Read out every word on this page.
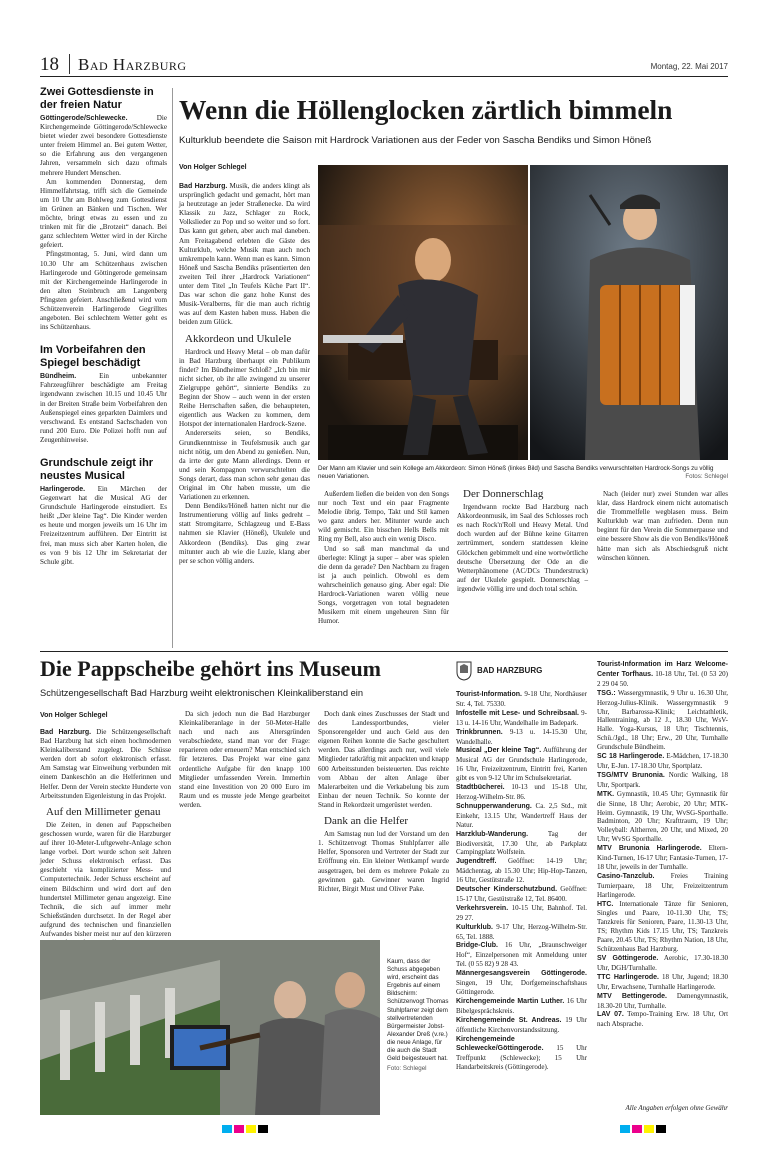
18 Bad Harzburg	Montag, 22. Mai 2017
Zwei Gottesdienste in der freien Natur

Göttingerode/Schlewecke.	Die Kirchengemeinde Göttingerode/Schlewecke bietet wieder zwei besondere Gottesdienste unter freiem Himmel an. Bei gutem Wetter, so die Erfahrung aus den vergangenen Jahren, versammeln sich dazu oftmals mehrere Hundert Menschen.

Am kommenden Donnerstag, dem Himmelfahrtstag, trifft sich die Gemeinde um 10 Uhr am Bohlweg zum Gottesdienst im Grünen an Bänken und Tischen. Wer möchte, bringt etwas zu essen und zu trinken mit für die „Brotzeit“ danach. Bei ganz schlechtem Wetter wird in der Kirche gefeiert.

Pfingstmontag, 5. Juni, wird dann um 10.30 Uhr am Schützenhaus zwischen Harlingerode und Göttingerode gemeinsam mit der Kirchengemeinde Harlingerode in den alten Steinbruch am Langenberg Pfingsten gefeiert. Anschließend wird vom Schützenverein Harlingerode Gegrilltes angeboten. Bei schlechtem Wetter geht es ins Schützenhaus.

Im Vorbeifahren den Spiegel beschädigt

Bündheim.	Ein unbekannter Fahrzeugführer beschädigte am Freitag irgendwann zwischen 10.15 und 10.45 Uhr in der Breiten Straße beim Vorbeifahren den Außenspiegel eines geparkten Daimlers und verschwand. Es entstand Sachschaden von rund 200 Euro. Die Polizei hofft nun auf Zeugenhinweise.

Grundschule zeigt ihr neustes Musical

Harlingerode. Ein Märchen der Gegenwart hat die Musical AG der Grundschule Harlingerode einstudiert. Es heißt „Der kleine Tag“. Die Kinder werden es heute und morgen jeweils um 16 Uhr im Freizeitzentrum aufführen. Der Eintritt ist frei, man muss sich aber Karten holen, die es von 9 bis 12 Uhr im Sekretariat der Schule gibt.

Wenn die Höllenglocken zärtlich bimmeln
Kulturklub beendete die Saison mit Hardrock Variationen aus der Feder von Sascha Bendiks und Simon Höneß
Von Holger Schlegel

Bad Harzburg. Musik, die anders klingt als ursprünglich gedacht und gemacht, hört man ja heutzutage an jeder Straßenecke. Da wird Klassik zu Jazz, Schlager zu Rock, Volkslieder zu Pop und so weiter und so fort. Das kann gut gehen, aber auch mal daneben. Am Freitagabend erlebten die Gäste des Kulturklub, welche Musik man auch noch umkrempeln kann. Wenn man es kann. Simon Höneß und Sascha Bendiks präsentierten den zweiten Teil ihrer „Hardrock Variationen“ unter dem Titel „In Teufels Küche Part II“. Das war schon die ganz hohe Kunst des Musik-Veralberns, für die man auch richtig was auf dem Kasten haben muss. Haben die beiden zum Glück.

Akkordeon und Ukulele

Hardrock und Heavy Metal – ob man dafür in Bad Harzburg überhaupt ein Publikum findet? Im Bündheimer Schloß? „Ich bin mir nicht sicher, ob ihr alle zwingend zu unserer Zielgruppe gehört“, sinnierte Bendiks zu Beginn der Show – auch wenn in der ersten Reihe Herrschaften saßen, die behaupteten, eigentlich aus Wacken zu kommen, dem Hotspot der internationalen Hardrock-Szene.

Andererseits seien, so Bendiks, Grundkenntnisse in Teufelsmusik auch gar nicht nötig, um den Abend zu genießen. Nun, da irrte der gute Mann allerdings. Denn er und sein Kompagnon verwurschtelten die Songs derart, dass man schon sehr genau das Original im Ohr haben musste, um die Variationen zu erkennen.

Denn Bendiks/Höneß hatten nicht nur die Instrumentierung völlig auf links gedreht – statt Stromgitarre, Schlagzeug und E-Bass nahmen sie Klavier (Höneß), Ukulele und Akkordeon (Bendiks). Das ging zwar mitunter auch ab wie die Luzie, klang aber per se schon völlig anders.

Der Mann am Klavier und sein Kollege am Akkordeon: Simon Höneß (linkes Bild) und Sascha Bendiks verwurschtelten Hardrock-Songs zu völlig neuen Variationen.	Fotos: Schlegel

Außerdem ließen die beiden von den Songs nur noch Text und ein paar Fragmente Melodie übrig. Tempo, Takt und Stil kamen wo ganz anders her. Mitunter wurde auch wild gemischt. Ein bisschen Hells Bells mit Ring my Bell, also auch ein wenig Disco.

Und so saß man manchmal da und überlegte: Klingt ja super – aber was spielen die denn da gerade? Den Nachbarn zu fragen ist ja auch peinlich. Obwohl es dem wahrscheinlich genauso ging. Aber egal: Die Hardrock-Variationen waren völlig neue Songs, vorgetragen von total begnadeten Musikern mit einem ungeheuren Sinn für Humor.

Der Donnerschlag

Irgendwann rockte Bad Harzburg nach Akkordeonmusik, im Saal des Schlosses roch es nach Rock'n'Roll und Heavy Metal. Und doch wurden auf der Bühne keine Gitarren zertrümmert, sondern stattdessen kleine Glöckchen gebimmelt und eine wortwörtliche deutsche Übersetzung der Ode an die Wetterphänomene (AC/DCs Thunderstruck) auf der Ukulele gespielt. Donnerschlag – irgendwie völlig irre und doch total schön.

Nach (leider nur) zwei Stunden war alles klar, dass Hardrock einem nicht automatisch die Trommelfelle wegblasen muss. Beim Kulturklub war man zufrieden. Denn nun beginnt für den Verein die Sommerpause und eine bessere Show als die von Bendiks/Höneß hätte man sich als Abschiedsgruß nicht wünschen können.

Die Pappscheibe gehört ins Museum
Schützengesellschaft Bad Harzburg weiht elektronischen Kleinkaliberstand ein
Von Holger Schlegel

Bad Harzburg. Die Schützengesellschaft Bad Harzburg hat sich einen hochmodernen Kleinkaliberstand zugelegt. Die Schüsse werden dort ab sofort elektronisch erfasst. Am Samstag war Einweihung verbunden mit einem Dankeschön an die Helferinnen und Helfer. Denn der Verein steckte Hunderte von Arbeitsstunden Eigenleistung in das Projekt.

Auf den Millimeter genau

Die Zeiten, in denen auf Pappscheiben geschossen wurde, waren für die Harzburger auf ihrer 10-Meter-Luftgewehr-Anlage schon lange vorbei. Dort wurde schon seit Jahren jeder Schuss elektronisch erfasst. Das geschieht via komplizierter Mess- und Computertechnik. Jeder Schuss erscheint auf einem Bildschirm und wird dort auf den hundertstel Millimeter genau angezeigt. Eine Technik, die sich auf immer mehr Schießständen durchsetzt. In der Regel aber aufgrund des technischen und finanziellen Aufwandes bisher meist nur auf den kürzeren

Da sich jedoch nun die Bad Harzburger Kleinkaliberanlage in der 50-Meter-Halle nach und nach aus Altersgründen verabschiedete, stand man vor der Frage: reparieren oder erneuern? Man entschied sich für letzteres. Das Projekt war eine ganz ordentliche Aufgabe für den knapp 100 Mitglieder umfassenden Verein. Immerhin stand eine Investition von 20 000 Euro im Raum und es musste jede Menge gearbeitet werden.

Doch dank eines Zuschusses der Stadt und des Landessportbundes, vieler Sponsorengelder und auch Geld aus den eigenen Reihen konnte die Sache geschultert werden. Das allerdings auch nur, weil viele Mitglieder tatkräftig mit anpackten und knapp 600 Arbeitsstunden beisteuerten. Das reichte vom Abbau der alten Anlage über Malerarbeiten und die Verkabelung bis zum Einbau der neuen Technik. So konnte der Stand in Rekordzeit umgerüstet werden.

Dank an die Helfer

Am Samstag nun lud der Vorstand um den 1. Schützenvogt Thomas Stuhlpfarrer alle Helfer, Sponsoren und Vertreter der Stadt zur Eröffnung ein. Ein kleiner Wettkampf wurde ausgetragen, bei dem es mehrere Pokale zu gewinnen gab. Gewinner waren Ingrid Richter, Birgit Must und Oliver Pake.

Kaum, dass der Schuss abgegeben wird, erscheint das Ergebnis auf einem Bildschirm: Schützenvogt Thomas Stuhlpfarrer zeigt dem stellvertretenden Bürgermeister Jobst-Alexander Dreß (v.re.) die neue Anlage, für die auch die Stadt Geld beigesteuert hat.
Foto: Schlegel
BAD HARZBURG
Tourist-Information. 9-18 Uhr, Nordhäuser Str. 4, Tel. 75330.
Infostelle mit Lese- und Schreibsaal. 9-13 u. 14-16 Uhr, Wandelhalle im Badepark.
Trinkbrunnen. 9-13 u. 14-15.30 Uhr, Wandelhalle.
Musical „Der kleine Tag“. Aufführung der Musical AG der Grundschule Harlingerode, 16 Uhr, Freizeitzentrum, Eintritt frei, Karten gibt es von 9-12 Uhr im Schulsekretariat.
Stadtbücherei. 10-13 und 15-18 Uhr, Herzog-Wilhelm-Str. 86.
Schnupperwanderung. Ca. 2,5 Std., mit Einkehr, 13.15 Uhr, Wandertreff Haus der Natur.
Harzklub-Wanderung.	Tag der Biodiversität, 17.30 Uhr, ab Parkplatz Campingplatz Wolfstein.
Jugendtreff. Geöffnet: 14-19 Uhr; Mädchentag, ab 15.30 Uhr; Hip-Hop-Tanzen, 16 Uhr, Gestütstraße 12.
Deutscher Kinderschutzbund. Geöffnet: 15-17 Uhr, Gestütstraße 12, Tel. 86400.
Verkehrsverein. 10-15 Uhr, Bahnhof. Tel. 29 27.
Kulturklub. 9-17 Uhr, Herzog-Wilhelm-Str. 65, Tel. 1888.
Bridge-Club. 16 Uhr, „Braunschweiger Hof“, Einzelpersonen mit Anmeldung unter Tel. (0 55 82) 9 28 43.
Männergesangsverein Göttingerode. Singen, 19 Uhr, Dorfgemeinschaftshaus Göttingerode.
Kirchengemeinde Martin Luther. 16 Uhr Bibelgesprächskreis.
Kirchengemeinde St. Andreas. 19 Uhr öffentliche Kirchenvorstandssitzung.
Kirchengemeinde Schlewecke/Göttingerode. 15 Uhr Treffpunkt (Schlewecke); 15 Uhr Handarbeitskreis (Göttingerode).
Tourist-Information im Harz Welcome-Center Torfhaus. 10-18 Uhr, Tel. (0 53 20) 2 29 04 50.
TSG.: Wassergymnastik, 9 Uhr u. 16.30 Uhr, Herzog-Julius-Klinik. Wassergymnastik 9 Uhr, Barbarossa-Klinik; Leichtathletik, Hallentraining, ab 12 J., 18.30 Uhr, WsV-Halle. Yoga-Kursus, 18 Uhr; Tischtennis, Schü./Jgd., 18 Uhr; Erw., 20 Uhr, Turnhalle Grundschule Bündheim.
SC 18 Harlingerode. E-Mädchen, 17-18.30 Uhr, E-Jun. 17-18.30 Uhr, Sportplatz.
TSG/MTV Brunonia. Nordic Walking, 18 Uhr, Sportpark.
MTK. Gymnastik, 10.45 Uhr; Gymnastik für die Sinne, 18 Uhr; Aerobic, 20 Uhr; MTK-Heim. Gymnastik, 19 Uhr, WvSG-Sporthalle. Badminton, 20 Uhr; Krafttraum, 19 Uhr; Volleyball: Altherren, 20 Uhr, und Mixed, 20 Uhr; WvSG Sporthalle.
MTV Brunonia Harlingerode. Eltern-Kind-Turnen, 16-17 Uhr; Fantasie-Turnen, 17-18 Uhr, jeweils in der Turnhalle.
Casino-Tanzclub. Freies Training Turnierpaare, 18 Uhr, Freizeitzentrum Harlingerode.
HTC. Internationale Tänze für Senioren, Singles und Paare, 10-11.30 Uhr, TS; Tanzkreis für Senioren, Paare, 11.30-13 Uhr, TS; Rhythm Kids 17.15 Uhr, TS; Tanzkreis Paare, 20.45 Uhr, TS; Rhythm Nation, 18 Uhr, Schützenhaus Bad Harzburg.
SV Göttingerode. Aerobic, 17.30-18.30 Uhr, DGH/Turnhalle.
TTC Harlingerode. 18 Uhr, Jugend; 18.30 Uhr, Erwachsene, Turnhalle Harlingerode.
MTV Bettingerode. Damengymnastik, 18.30-20 Uhr, Turnhalle.
LAV 07. Tempo-Training Erw. 18 Uhr, Ort nach Absprache.
Alle Angaben erfolgen ohne Gewähr
